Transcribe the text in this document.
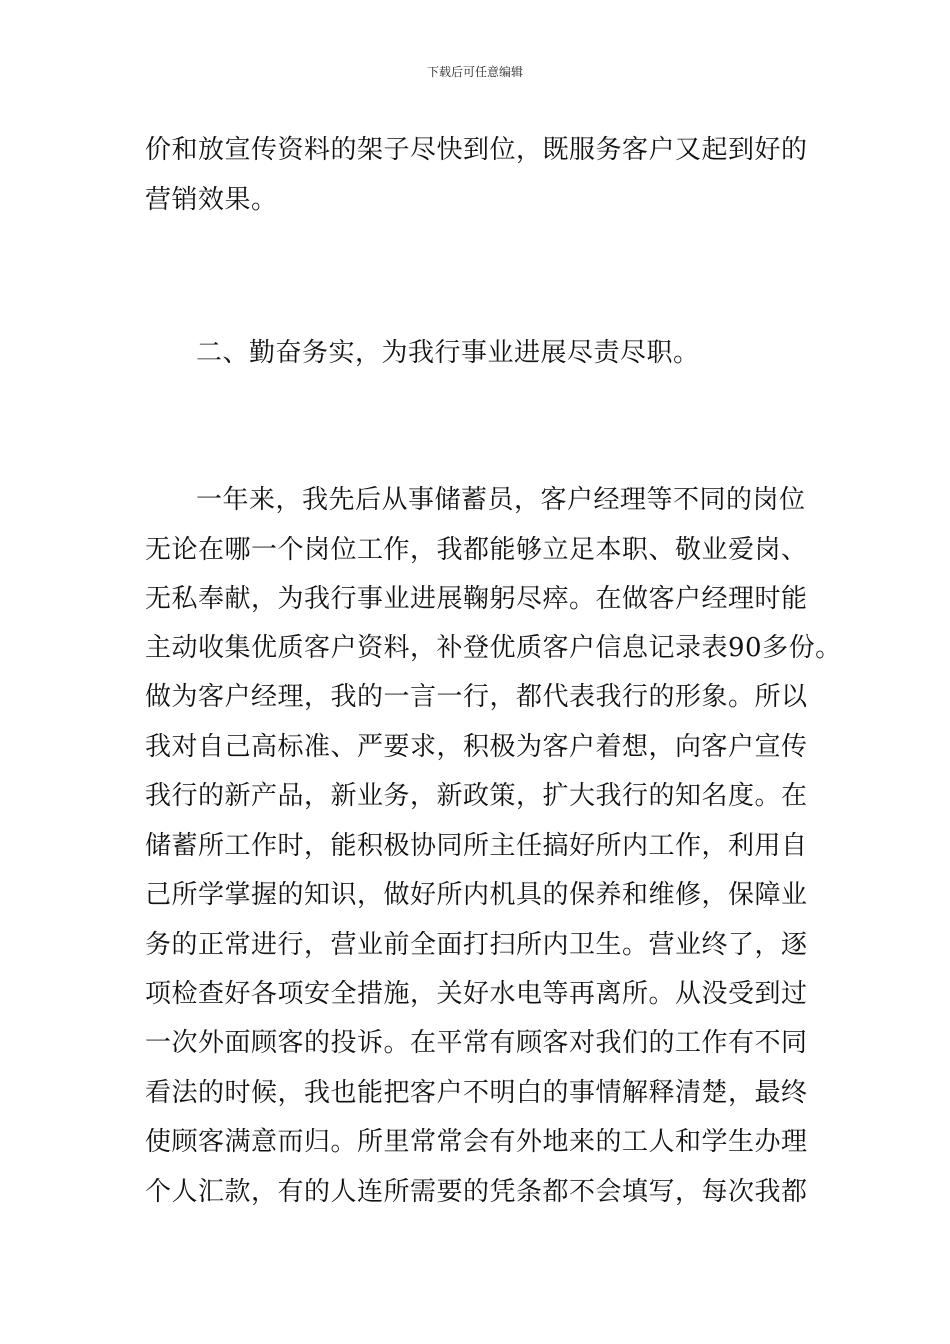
下载后可任意编辑
价和放宣传资料的架子尽快到位，既服务客户又起到好的
营销效果。
二、勤奋务实，为我行事业进展尽责尽职。
一年来，我先后从事储蓄员，客户经理等不同的岗位
无论在哪一个岗位工作，我都能够立足本职、敬业爱岗、
无私奉献，为我行事业进展鞠躬尽瘁。在做客户经理时能
主动收集优质客户资料，补登优质客户信息记录表90多份。
做为客户经理，我的一言一行，都代表我行的形象。所以
我对自己高标准、严要求，积极为客户着想，向客户宣传
我行的新产品，新业务，新政策，扩大我行的知名度。在
储蓄所工作时，能积极协同所主任搞好所内工作，利用自
己所学掌握的知识，做好所内机具的保养和维修，保障业
务的正常进行，营业前全面打扫所内卫生。营业终了，逐
项检查好各项安全措施，关好水电等再离所。从没受到过
一次外面顾客的投诉。在平常有顾客对我们的工作有不同
看法的时候，我也能把客户不明白的事情解释清楚，最终
使顾客满意而归。所里常常会有外地来的工人和学生办理
个人汇款，有的人连所需要的凭条都不会填写，每次我都
